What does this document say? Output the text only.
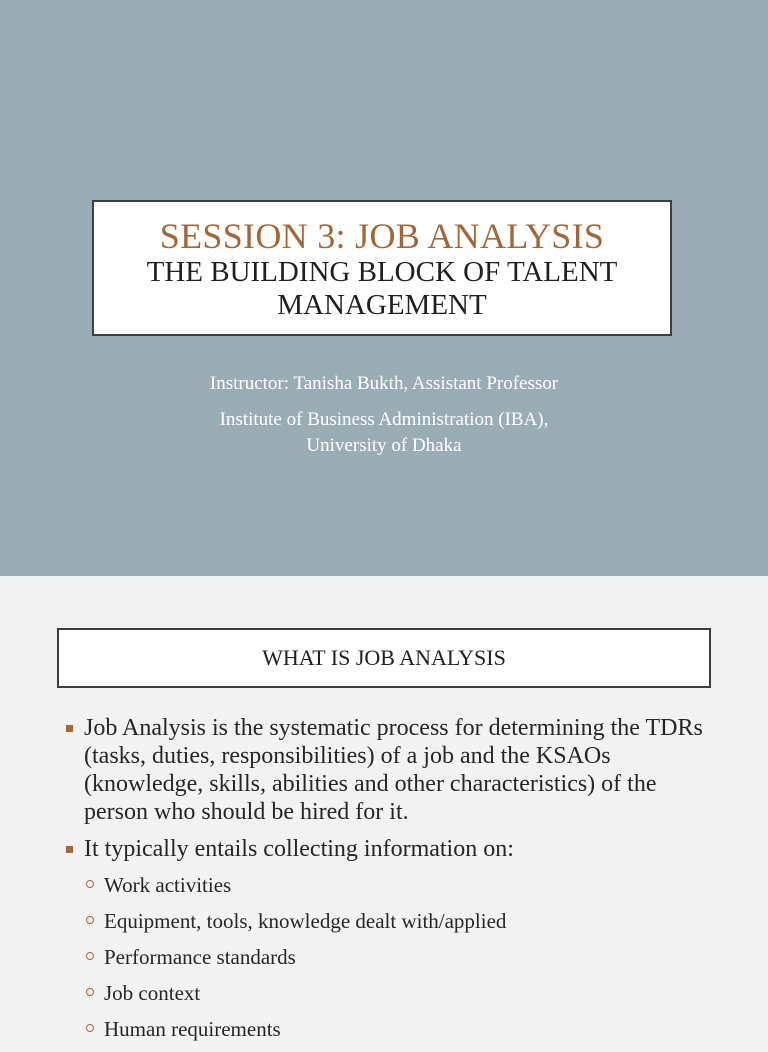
SESSION 3: JOB ANALYSIS
THE BUILDING BLOCK OF TALENT MANAGEMENT
Instructor: Tanisha Bukth, Assistant Professor
Institute of Business Administration (IBA), University of Dhaka
WHAT IS JOB ANALYSIS
Job Analysis is the systematic process for determining the TDRs (tasks, duties, responsibilities) of a job and the KSAOs (knowledge, skills, abilities and other characteristics) of the person who should be hired for it.
It typically entails collecting information on:
Work activities
Equipment, tools, knowledge dealt with/applied
Performance standards
Job context
Human requirements
